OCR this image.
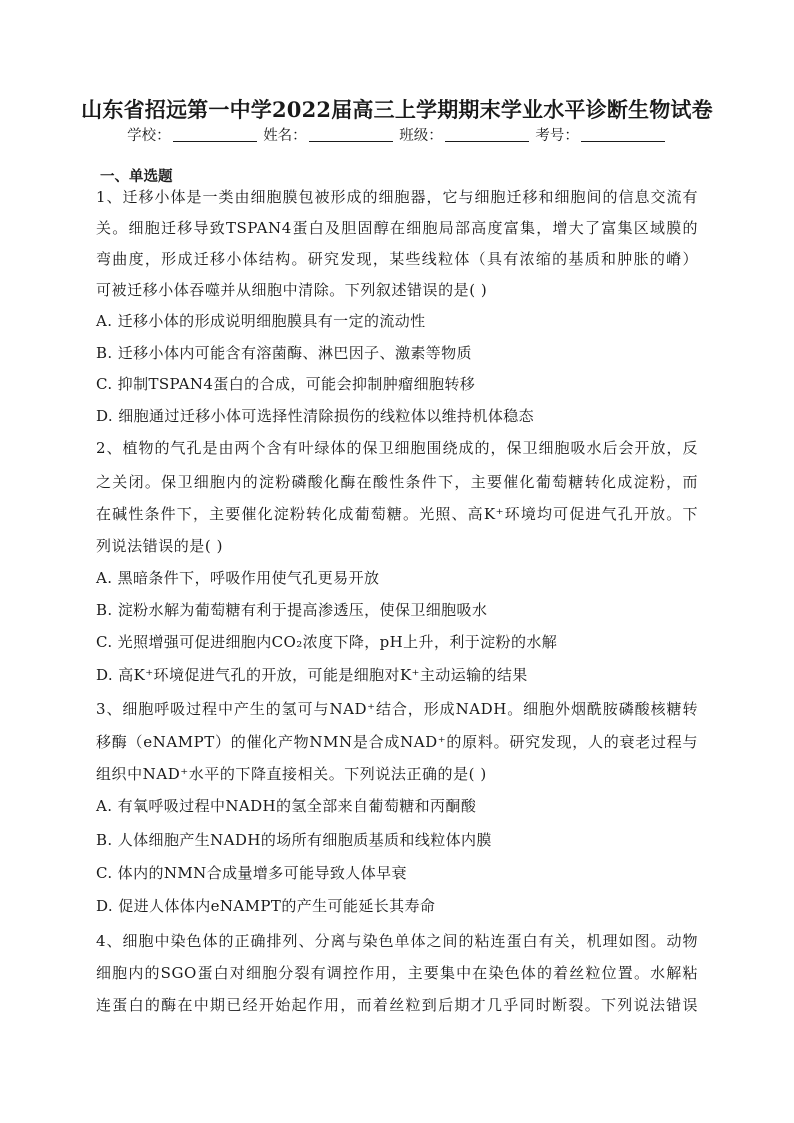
山东省招远第一中学2022届高三上学期期末学业水平诊断生物试卷
学校：	姓名：	班级：	考号：
一、单选题
1、迁移小体是一类由细胞膜包被形成的细胞器，它与细胞迁移和细胞间的信息交流有
关。细胞迁移导致TSPAN4蛋白及胆固醇在细胞局部高度富集，增大了富集区域膜的
弯曲度，形成迁移小体结构。研究发现，某些线粒体（具有浓缩的基质和肿胀的嵴）
可被迁移小体吞噬并从细胞中清除。下列叙述错误的是( )
A. 迁移小体的形成说明细胞膜具有一定的流动性
B. 迁移小体内可能含有溶菌酶、淋巴因子、激素等物质
C. 抑制TSPAN4蛋白的合成，可能会抑制肿瘤细胞转移
D. 细胞通过迁移小体可选择性清除损伤的线粒体以维持机体稳态
2、植物的气孔是由两个含有叶绿体的保卫细胞围绕成的，保卫细胞吸水后会开放，反
之关闭。保卫细胞内的淀粉磷酸化酶在酸性条件下，主要催化葡萄糖转化成淀粉，而
在碱性条件下，主要催化淀粉转化成葡萄糖。光照、高K⁺环境均可促进气孔开放。下
列说法错误的是( )
A. 黑暗条件下，呼吸作用使气孔更易开放
B. 淀粉水解为葡萄糖有利于提高渗透压，使保卫细胞吸水
C. 光照增强可促进细胞内CO₂浓度下降，pH上升，利于淀粉的水解
D. 高K⁺环境促进气孔的开放，可能是细胞对K⁺主动运输的结果
3、细胞呼吸过程中产生的氢可与NAD⁺结合，形成NADH。细胞外烟酰胺磷酸核糖转
移酶（eNAMPT）的催化产物NMN是合成NAD⁺的原料。研究发现，人的衰老过程与
组织中NAD⁺水平的下降直接相关。下列说法正确的是( )
A. 有氧呼吸过程中NADH的氢全部来自葡萄糖和丙酮酸
B. 人体细胞产生NADH的场所有细胞质基质和线粒体内膜
C. 体内的NMN合成量增多可能导致人体早衰
D. 促进人体体内eNAMPT的产生可能延长其寿命
4、细胞中染色体的正确排列、分离与染色单体之间的粘连蛋白有关，机理如图。动物
细胞内的SGO蛋白对细胞分裂有调控作用，主要集中在染色体的着丝粒位置。水解粘
连蛋白的酶在中期已经开始起作用，而着丝粒到后期才几乎同时断裂。下列说法错误
